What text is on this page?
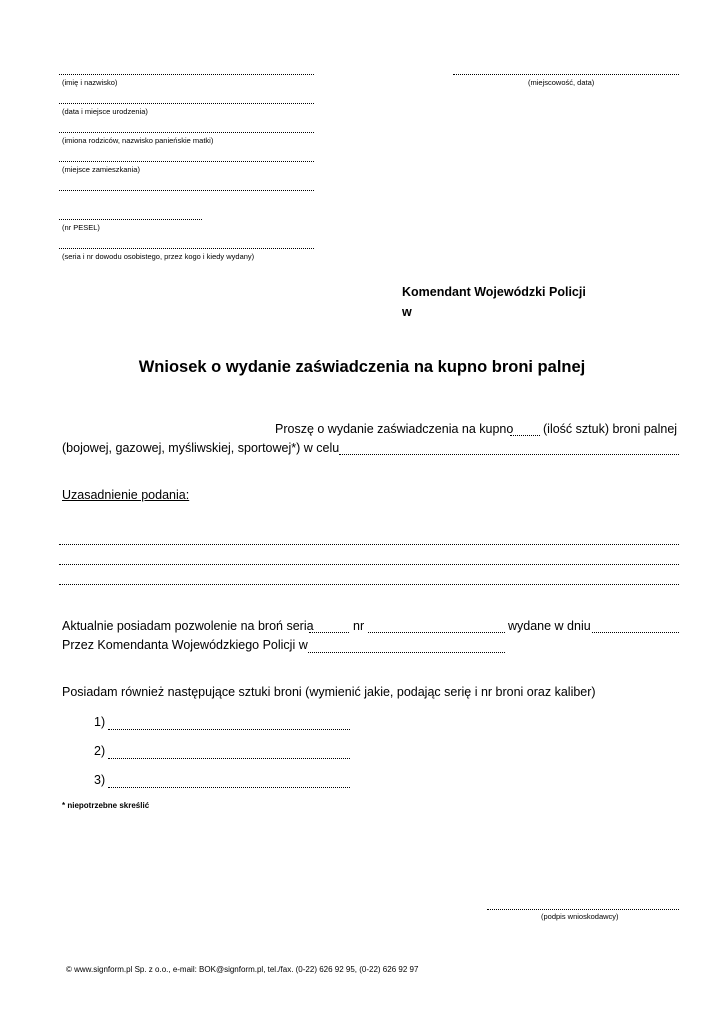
(imię i nazwisko)
(data i miejsce urodzenia)
(imiona rodziców, nazwisko panieńskie matki)
(miejsce zamieszkania)
(nr PESEL)
(seria i nr dowodu osobistego, przez kogo i kiedy wydany)
(miejscowość, data)
Komendant Wojewódzki Policji
w
Wniosek o wydanie zaświadczenia na kupno broni palnej
Proszę o wydanie zaświadczenia na kupno (ilość sztuk) broni palnej
(bojowej, gazowej, myśliwskiej, sportowej*) w celu
Uzasadnienie podania:
Aktualnie posiadam pozwolenie na broń seria	nr	wydane w dniu
Przez Komendanta Wojewódzkiego Policji w
Posiadam również następujące sztuki broni (wymienić jakie, podając serię i nr broni oraz kaliber)
1)
2)
3)
* niepotrzebne skreślić
(podpis wnioskodawcy)
© www.signform.pl Sp. z o.o., e-mail: BOK@signform.pl, tel./fax. (0-22) 626 92 95, (0-22) 626 92 97
